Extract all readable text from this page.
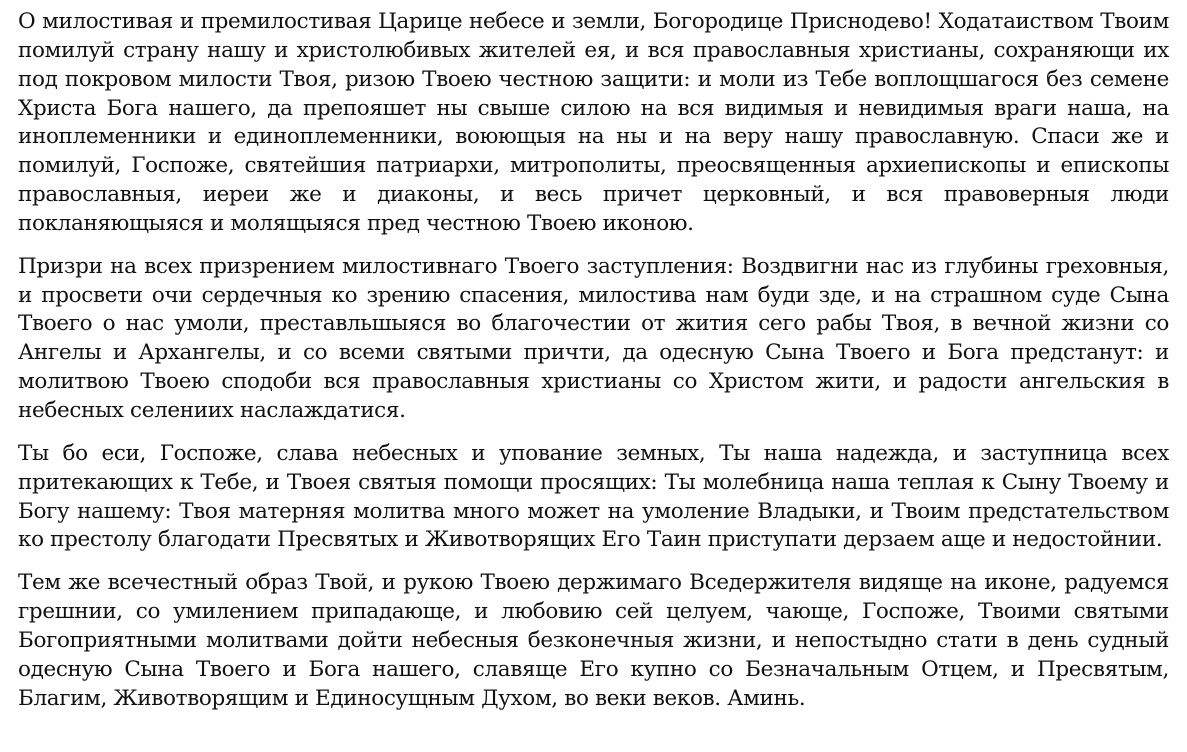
О милостивая и премилостивая Царице небесе и земли, Богородице Приснодево! Ходатаиством Твоим помилуй страну нашу и христолюбивых жителей ея, и вся православныя христианы, сохраняющи их под покровом милости Твоя, ризою Твоею честною защити: и моли из Тебе воплощшагося без семене Христа Бога нашего, да препояшет ны свыше силою на вся видимыя и невидимыя враги наша, на иноплеменники и единоплеменники, воюющыя на ны и на веру нашу православную. Спаси же и помилуй, Госпоже, святейшия патриархи, митрополиты, преосвященныя архиепископы и епископы православныя, иереи же и диаконы, и весь причет церковный, и вся правоверныя люди покланяющыяся и молящыяся пред честною Твоею иконою.

Призри на всех призрением милостивнаго Твоего заступления: Воздвигни нас из глубины греховныя, и просвети очи сердечныя ко зрению спасения, милостива нам буди зде, и на страшном суде Сына Твоего о нас умоли, преставльшыяся во благочестии от жития сего рабы Твоя, в вечной жизни со Ангелы и Архангелы, и со всеми святыми причти, да одесную Сына Твоего и Бога предстанут: и молитвою Твоею сподоби вся православныя христианы со Христом жити, и радости ангельския в небесных селениих наслаждатися.

Ты бо еси, Госпоже, слава небесных и упование земных, Ты наша надежда, и заступница всех притекающих к Тебе, и Твоея святыя помощи просящих: Ты молебница наша теплая к Сыну Твоему и Богу нашему: Твоя матерняя молитва много может на умоление Владыки, и Твоим предстательством ко престолу благодати Пресвятых и Животворящих Его Таин приступати дерзаем аще и недостойнии.

Тем же всечестный образ Твой, и рукою Твоею держимаго Вседержителя видяще на иконе, радуемся грешнии, со умилением припадающе, и любовию сей целуем, чающе, Госпоже, Твоими святыми Богоприятными молитвами дойти небесныя безконечныя жизни, и непостыдно стати в день судный одесную Сына Твоего и Бога нашего, славяще Его купно со Безначальным Отцем, и Пресвятым, Благим, Животворящим и Единосущным Духом, во веки веков. Аминь.
